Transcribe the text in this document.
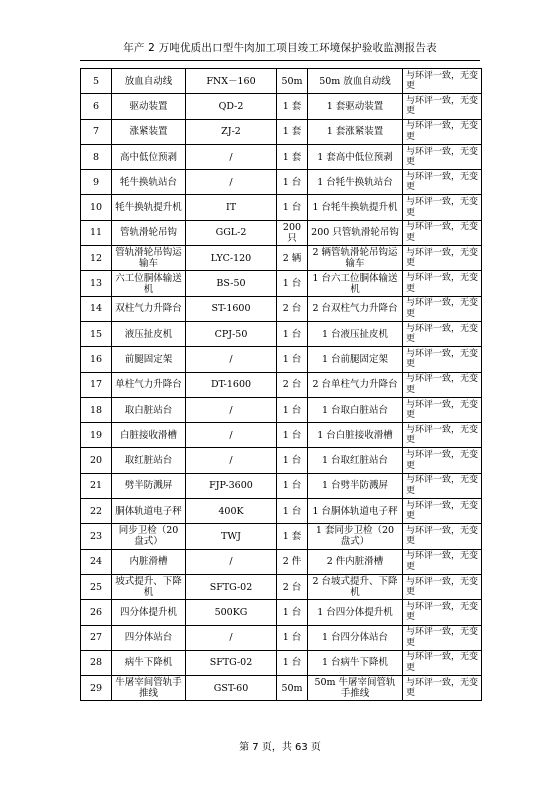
年产 2 万吨优质出口型牛肉加工项目竣工环境保护验收监测报告表
5	放血自动线	FNX－160	50m	50m 放血自动线	与环评一致，无变更
6	驱动装置	QD-2	1 套	1 套驱动装置	与环评一致，无变更
7	涨紧装置	ZJ-2	1 套	1 套涨紧装置	与环评一致，无变更
8	高中低位预剥	/	1 套	1 套高中低位预剥	与环评一致，无变更
9	牦牛换轨站台	/	1 台	1 台牦牛换轨站台	与环评一致，无变更
10	牦牛换轨提升机	IT	1 台	1 台牦牛换轨提升机	与环评一致，无变更
11	管轨滑轮吊钩	GGL-2	200 只	200 只管轨滑轮吊钩	与环评一致，无变更
12	管轨滑轮吊钩运输车	LYC-120	2 辆	2 辆管轨滑轮吊钩运输车	与环评一致，无变更
13	六工位胴体输送机	BS-50	1 台	1 台六工位胴体输送机	与环评一致，无变更
14	双柱气力升降台	ST-1600	2 台	2 台双柱气力升降台	与环评一致，无变更
15	液压扯皮机	CPJ-50	1 台	1 台液压扯皮机	与环评一致，无变更
16	前腿固定架	/	1 台	1 台前腿固定架	与环评一致，无变更
17	单柱气力升降台	DT-1600	2 台	2 台单柱气力升降台	与环评一致，无变更
18	取白脏站台	/	1 台	1 台取白脏站台	与环评一致，无变更
19	白脏接收滑槽	/	1 台	1 台白脏接收滑槽	与环评一致，无变更
20	取红脏站台	/	1 台	1 台取红脏站台	与环评一致，无变更
21	劈半防溅屏	FJP-3600	1 台	1 台劈半防溅屏	与环评一致，无变更
22	胴体轨道电子秤	400K	1 台	1 台胴体轨道电子秤	与环评一致，无变更
23	同步卫检（20 盘式）	TWJ	1 套	1 套同步卫检（20 盘式）	与环评一致，无变更
24	内脏滑槽	/	2 件	2 件内脏滑槽	与环评一致，无变更
25	坡式提升、下降机	SFTG-02	2 台	2 台坡式提升、下降机	与环评一致，无变更
26	四分体提升机	500KG	1 台	1 台四分体提升机	与环评一致，无变更
27	四分体站台	/	1 台	1 台四分体站台	与环评一致，无变更
28	病牛下降机	SFTG-02	1 台	1 台病牛下降机	与环评一致，无变更
29	牛屠宰间管轨手推线	GST-60	50m	50m 牛屠宰间管轨手推线	与环评一致，无变更
第 7 页，共 63 页
